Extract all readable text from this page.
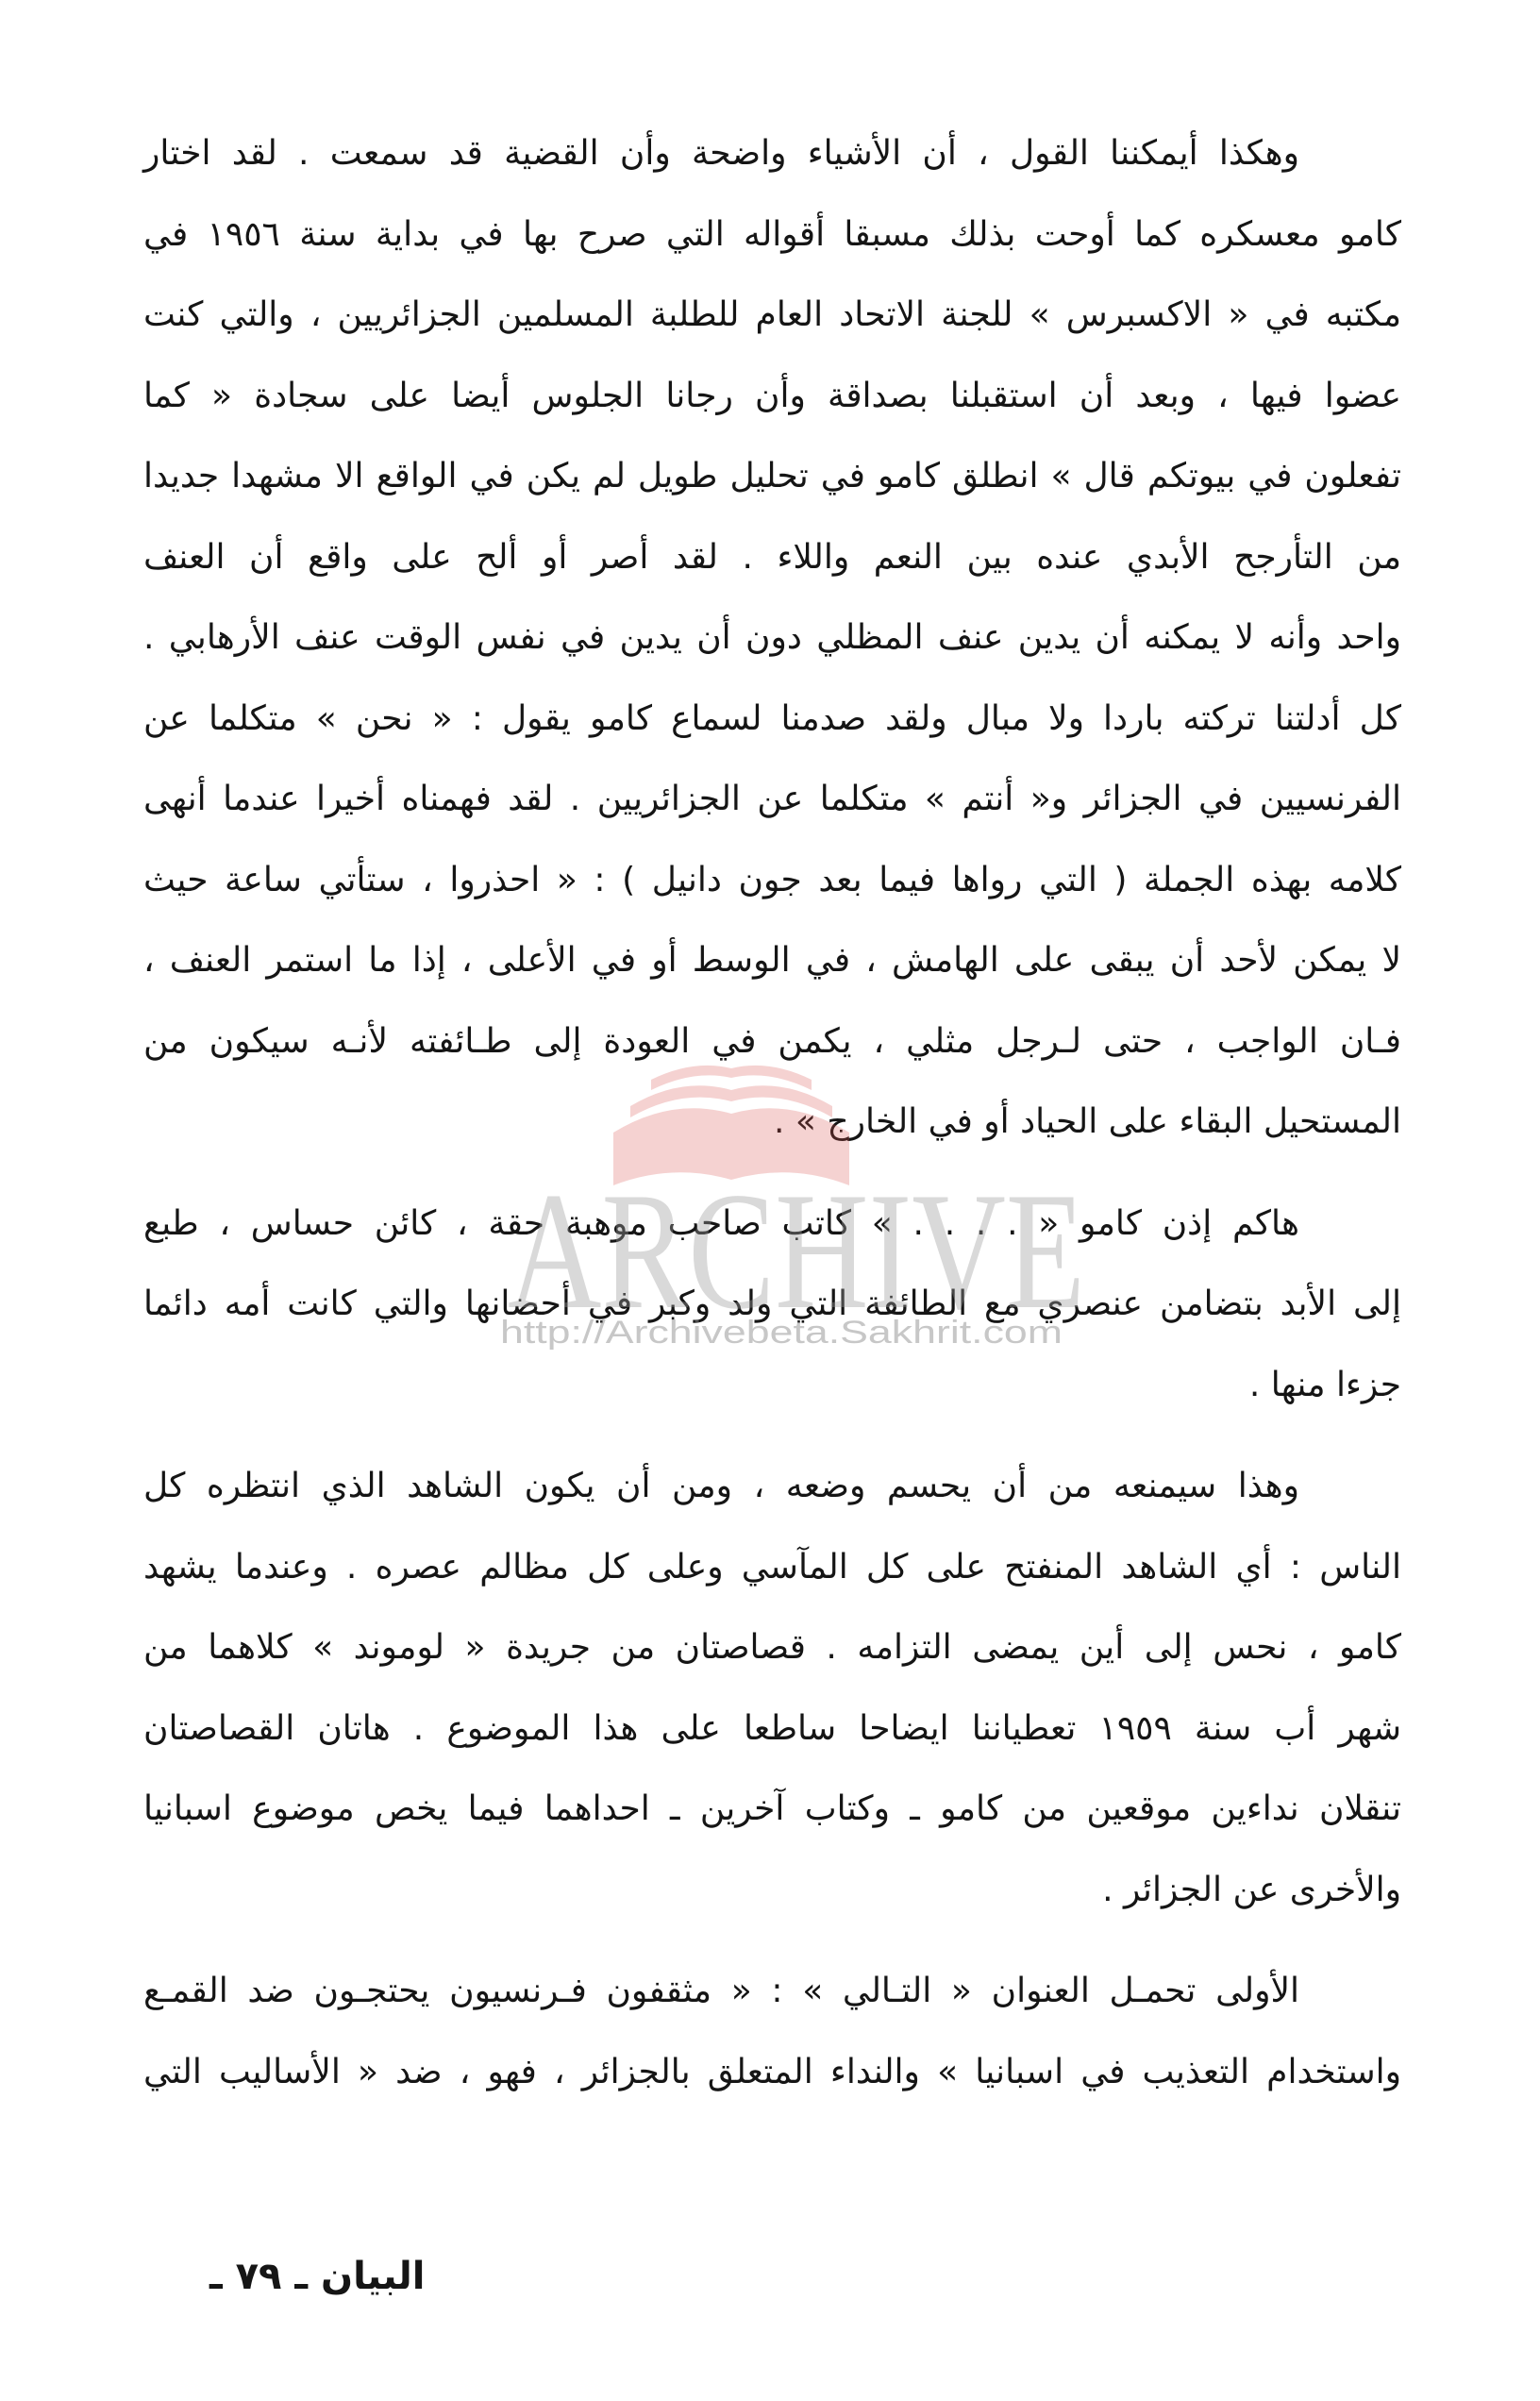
وهكذا أيمكننا القول ، أن الأشياء واضحة وأن القضية قد سمعت . لقد اختار
كامو معسكره كما أوحت بذلك مسبقا أقواله التي صرح بها في بداية سنة ١٩٥٦ في
مكتبه في « الاكسبرس » للجنة الاتحاد العام للطلبة المسلمين الجزائريين ، والتي كنت
عضوا فيها ، وبعد أن استقبلنا بصداقة وأن رجانا الجلوس أيضا على سجادة « كما
تفعلون في بيوتكم قال » انطلق كامو في تحليل طويل لم يكن في الواقع الا مشهدا جديدا
من التأرجح الأبدي عنده بين النعم واللاء . لقد أصر أو ألح على واقع أن العنف
واحد وأنه لا يمكنه أن يدين عنف المظلي دون أن يدين في نفس الوقت عنف الأرهابي .
كل أدلتنا تركته باردا ولا مبال ولقد صدمنا لسماع كامو يقول : « نحن » متكلما عن
الفرنسيين في الجزائر و« أنتم » متكلما عن الجزائريين . لقد فهمناه أخيرا عندما أنهى
كلامه بهذه الجملة ( التي رواها فيما بعد جون دانيل ) : « احذروا ، ستأتي ساعة حيث
لا يمكن لأحد أن يبقى على الهامش ، في الوسط أو في الأعلى ، إذا ما استمر العنف ،
فـان الواجب ، حتى لـرجل مثلي ، يكمن في العودة إلى طـائفته لأنـه سيكون من
المستحيل البقاء على الحياد أو في الخارج » .
هاكم إذن كامو « . . . . » كاتب صاحب موهبة حقة ، كائن حساس ، طبع
إلى الأبد بتضامن عنصري مع الطائفة التي ولد وكبر في أحضانها والتي كانت أمه دائما
جزءا منها .
وهذا سيمنعه من أن يحسم وضعه ، ومن أن يكون الشاهد الذي انتظره كل
الناس : أي الشاهد المنفتح على كل المآسي وعلى كل مظالم عصره . وعندما يشهد
كامو ، نحس إلى أين يمضى التزامه . قصاصتان من جريدة « لوموند » كلاهما من
شهر أب سنة ١٩٥٩ تعطياننا ايضاحا ساطعا على هذا الموضوع . هاتان القصاصتان
تنقلان نداءين موقعين من كامو ـ وكتاب آخرين ـ احداهما فيما يخص موضوع اسبانيا
والأخرى عن الجزائر .
الأولى تحمـل العنوان « التـالي » : « مثقفون فـرنسيون يحتجـون ضد القمـع
واستخدام التعذيب في اسبانيا » والنداء المتعلق بالجزائر ، فهو ، ضد « الأساليب التي
البيان ـ ٧٩ ـ
ARCHIVE
http://Archivebeta.Sakhrit.com
